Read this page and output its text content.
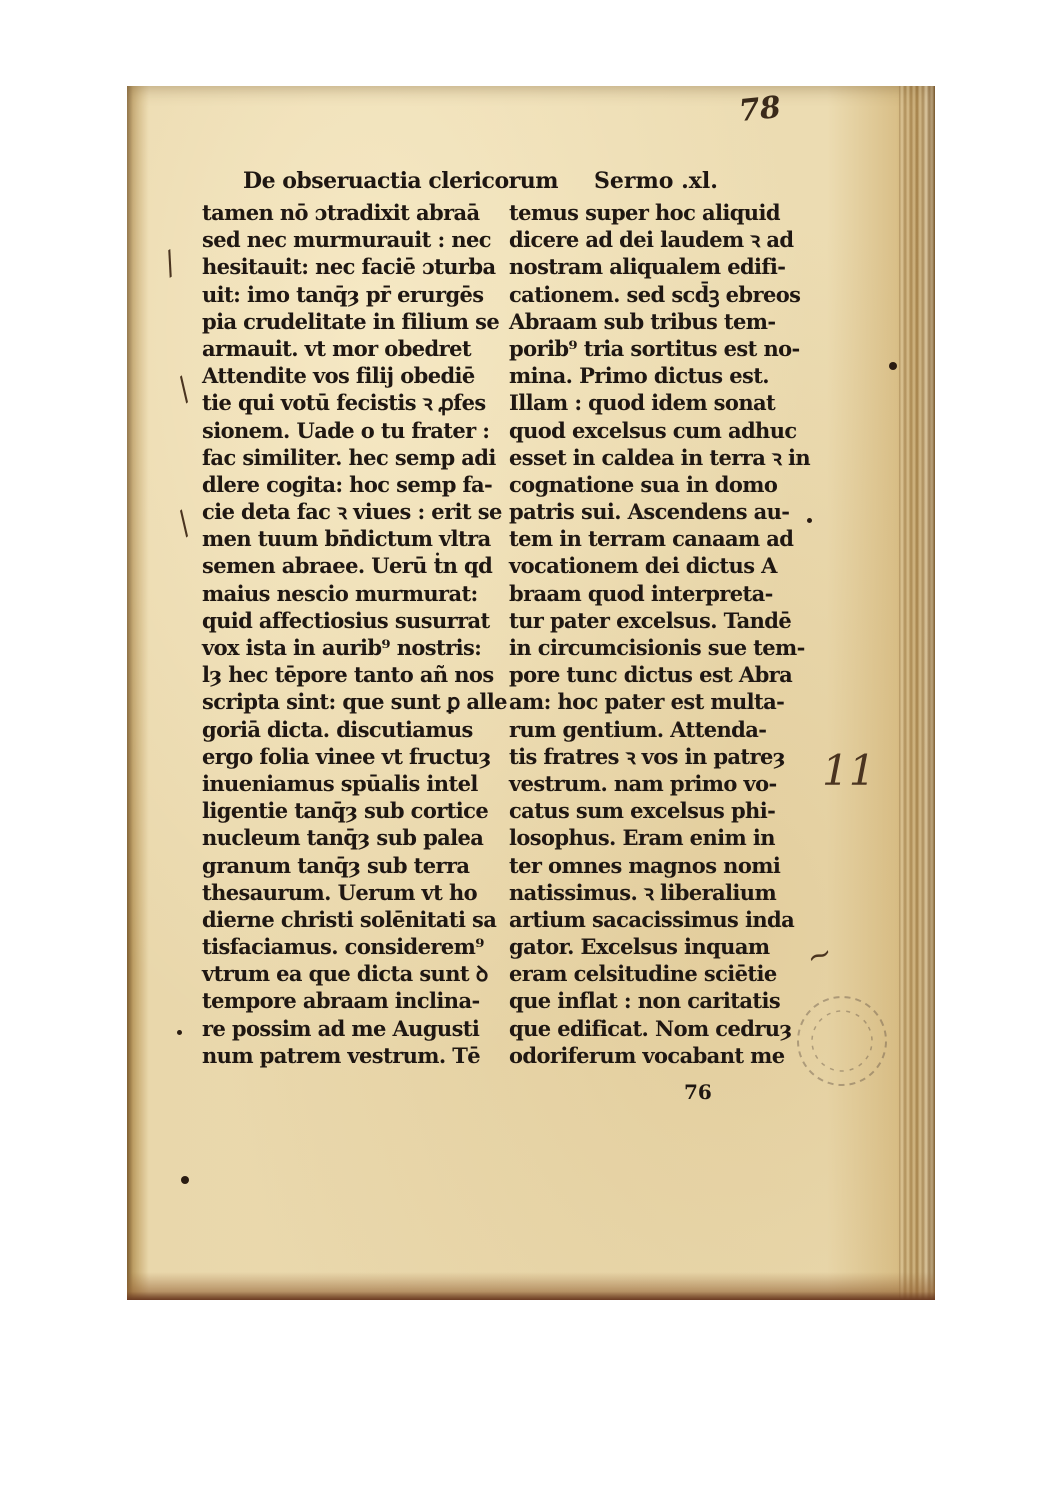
78
De obseruactia clericorum Sermo .xl.
tamen nō ɔtradixit abraā
sed nec murmurauit : nec
hesitauit: nec faciē ɔturba
uit: imo tanq̄ȝ pr̄ erurgēs
pia crudelitate in filium se
armauit. vt mor obedret
Attendite vos filij obediē
tie qui votū fecistis ꝛ ꝓfes
sionem. Uade o tu frater :
fac similiter. hec semp adi
dlere cogita: hoc semp fa-
cie deta fac ꝛ viues : erit se
men tuum bn̄dictum vltra
semen abraee. Uerū ṫn qd
maius nescio murmurat:
quid affectiosius susurrat
vox ista in aurib⁹ nostris:
lȝ hec tēpore tanto añ nos
scripta sint: que sunt ꝑ alle
goriā dicta. discutiamus
ergo folia vinee vt fructuȝ
inueniamus spūalis intel
ligentie tanq̄ȝ sub cortice
nucleum tanq̄ȝ sub palea
granum tanq̄ȝ sub terra
thesaurum. Uerum vt ho
dierne christi solēnitati sa
tisfaciamus. considerem⁹
vtrum ea que dicta sunt ꝺ
tempore abraam inclina-
re possim ad me Augusti
num patrem vestrum. Tē
temus super hoc aliquid
dicere ad dei laudem ꝛ ad
nostram aliqualem edifi-
cationem. sed scd̄ꝫ ebreos
Abraam sub tribus tem-
porib⁹ tria sortitus est no-
mina. Primo dictus est.
Illam : quod idem sonat
quod excelsus cum adhuc
esset in caldea in terra ꝛ in
cognatione sua in domo
patris sui. Ascendens au-
tem in terram canaam ad
vocationem dei dictus A
braam quod interpreta-
tur pater excelsus. Tandē
in circumcisionis sue tem-
pore tunc dictus est Abra
am: hoc pater est multa-
rum gentium. Attenda-
tis fratres ꝛ vos in patreȝ
vestrum. nam primo vo-
catus sum excelsus phi-
losophus. Eram enim in
ter omnes magnos nomi
natissimus. ꝛ liberalium
artium sacacissimus inda
gator. Excelsus inquam
eram celsitudine sciētie
que inflat : non caritatis
que edificat. Nom cedruȝ
odoriferum vocabant me
76
/
/
/
11
~
